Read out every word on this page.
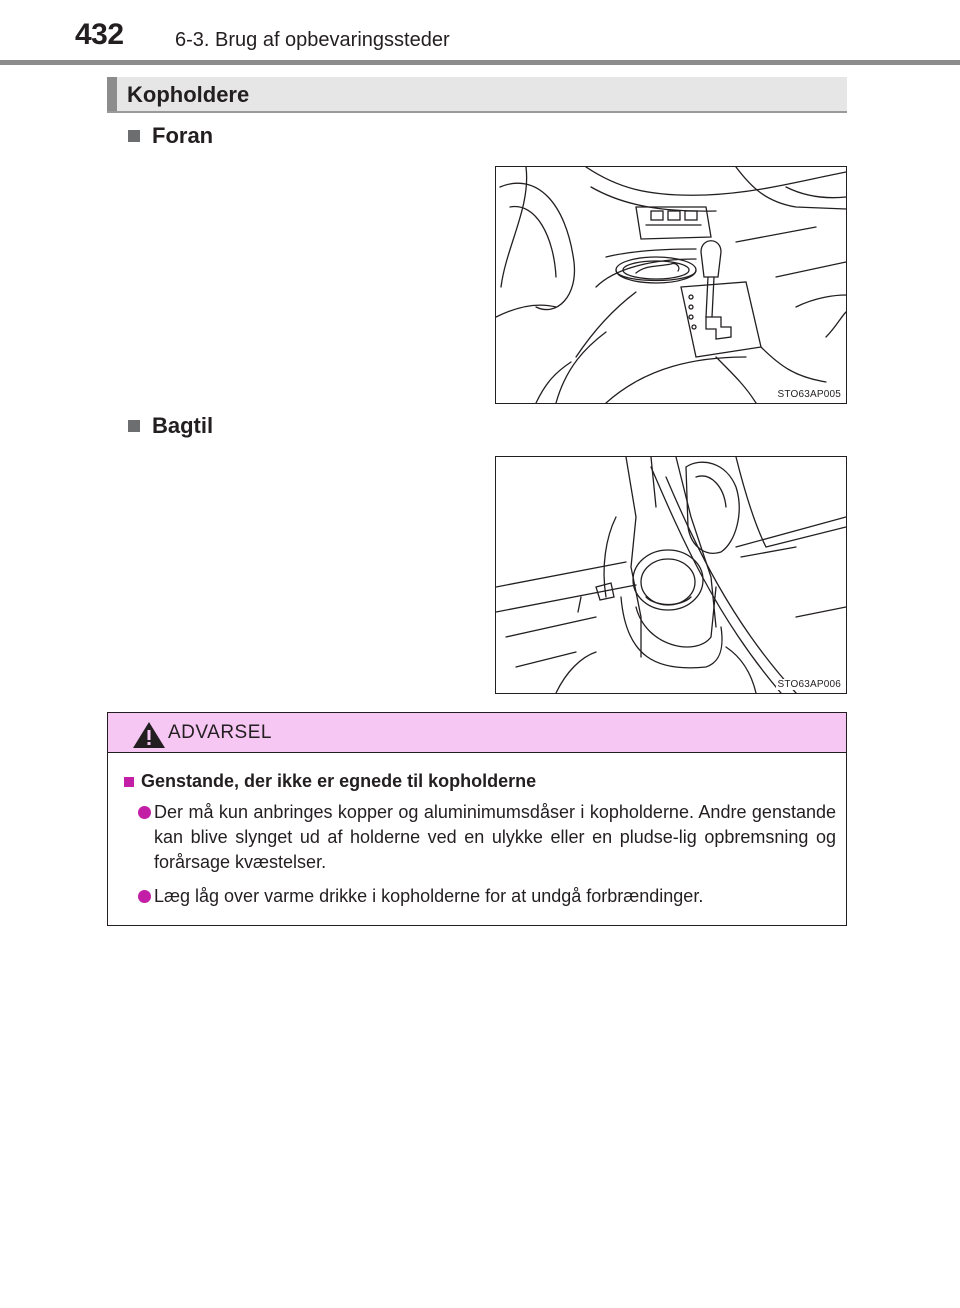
432	6-3. Brug af opbevaringssteder
Kopholdere
Foran
STO63AP005
Bagtil
STO63AP006
ADVARSEL
Genstande, der ikke er egnede til kopholderne
Der må kun anbringes kopper og aluminimumsdåser i kopholderne. Andre genstande kan blive slynget ud af holderne ved en ulykke eller en pludse-lig opbremsning og forårsage kvæstelser.
Læg låg over varme drikke i kopholderne for at undgå forbrændinger.
